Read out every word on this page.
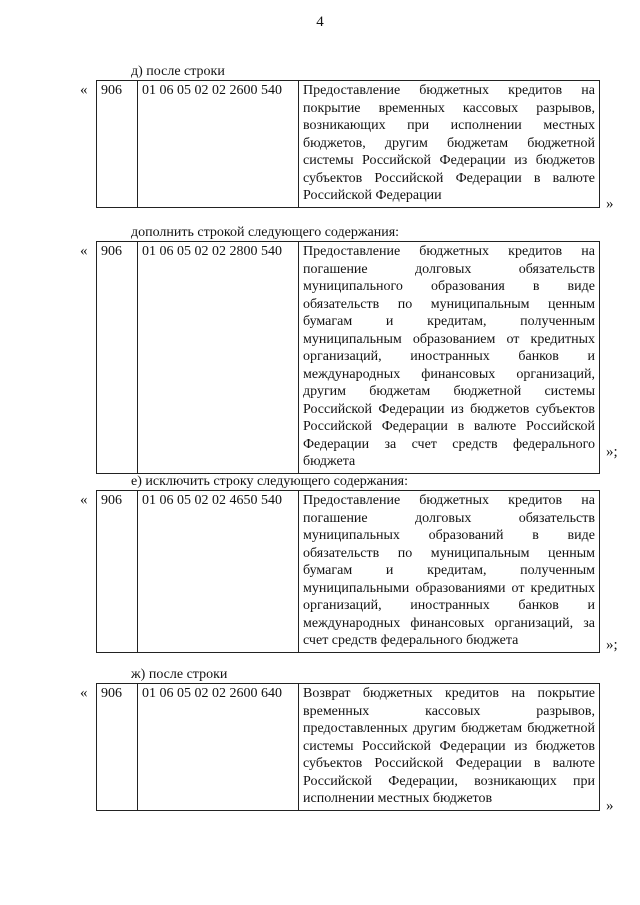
4
д) после строки
« 906	01 06 05 02 02 2600 540	Предоставление бюджетных кредитов на покрытие временных кассовых разрывов, возникающих при исполнении местных бюджетов, другим бюджетам бюджетной системы Российской Федерации из бюджетов субъектов Российской Федерации в валюте Российской Федерации
»
дополнить строкой следующего содержания:
« 906	01 06 05 02 02 2800 540	Предоставление бюджетных кредитов на погашение долговых обязательств муниципального образования в виде обязательств по муниципальным ценным бумагам и кредитам, полученным муниципальным образованием от кредитных организаций, иностранных банков и международных финансовых организаций, другим бюджетам бюджетной системы Российской Федерации из бюджетов субъектов Российской Федерации в валюте Российской Федерации за счет средств федерального бюджета
»;
е) исключить строку следующего содержания:
« 906	01 06 05 02 02 4650 540	Предоставление бюджетных кредитов на погашение долговых обязательств муниципальных образований в виде обязательств по муниципальным ценным бумагам и кредитам, полученным муниципальными образованиями от кредитных организаций, иностранных банков и международных финансовых организаций, за счет средств федерального бюджета	»;
ж) после строки
« 906	01 06 05 02 02 2600 640	Возврат бюджетных кредитов на покрытие временных кассовых разрывов, предоставленных другим бюджетам бюджетной системы Российской Федерации из бюджетов субъектов Российской Федерации в валюте Российской Федерации, возникающих при исполнении местных бюджетов	»
